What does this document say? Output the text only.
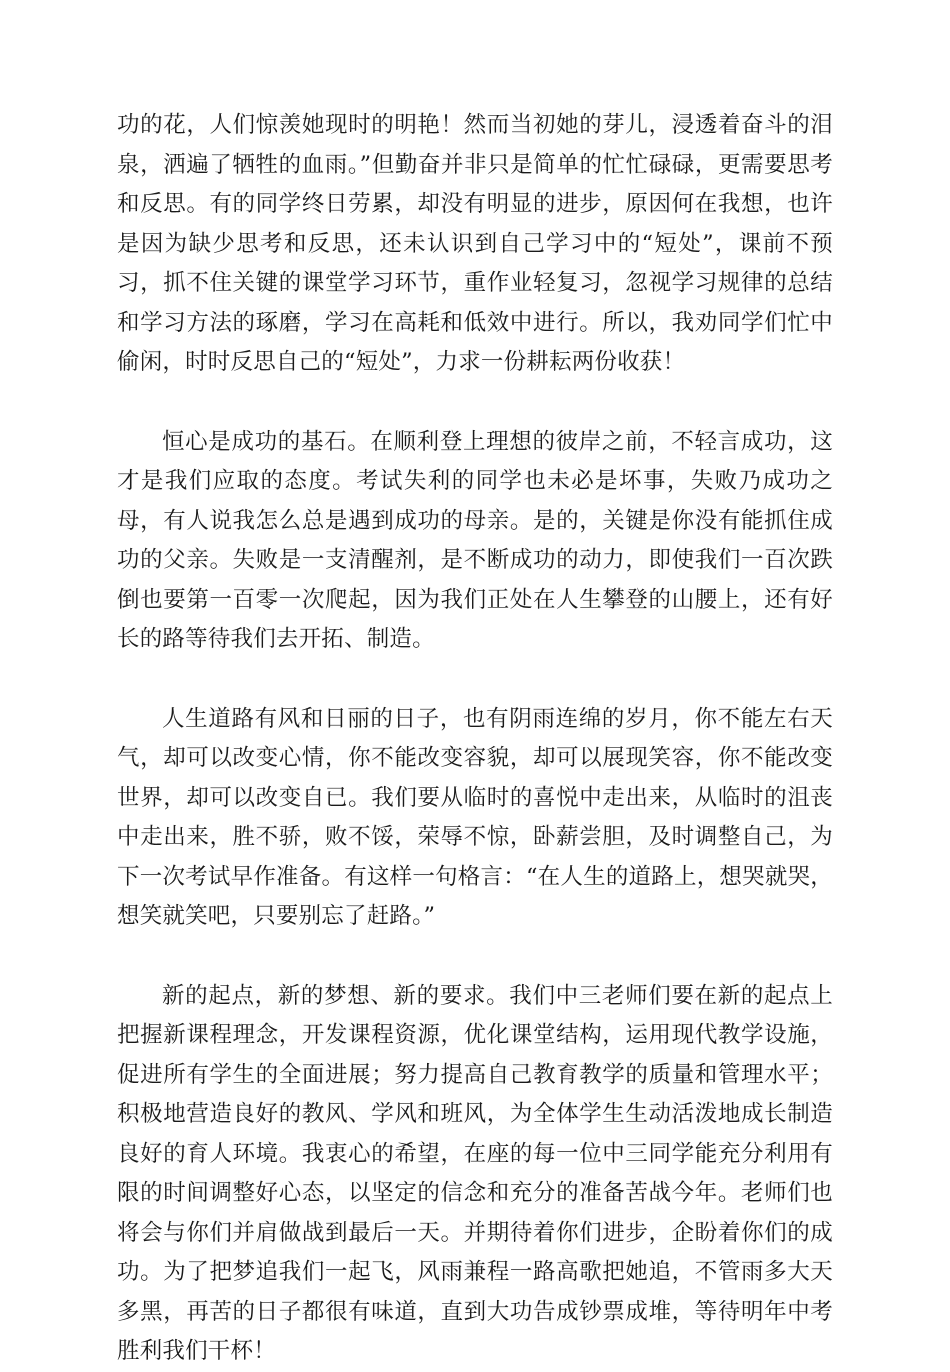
功的花，人们惊羡她现时的明艳！然而当初她的芽儿，浸透着奋斗的泪泉，洒遍了牺牲的血雨。”但勤奋并非只是简单的忙忙碌碌，更需要思考和反思。有的同学终日劳累，却没有明显的进步，原因何在我想，也许是因为缺少思考和反思，还未认识到自己学习中的“短处”，课前不预习，抓不住关键的课堂学习环节，重作业轻复习，忽视学习规律的总结和学习方法的琢磨，学习在高耗和低效中进行。所以，我劝同学们忙中偷闲，时时反思自己的“短处”，力求一份耕耘两份收获！

恒心是成功的基石。在顺利登上理想的彼岸之前，不轻言成功，这才是我们应取的态度。考试失利的同学也未必是坏事，失败乃成功之母，有人说我怎么总是遇到成功的母亲。是的，关键是你没有能抓住成功的父亲。失败是一支清醒剂，是不断成功的动力，即使我们一百次跌倒也要第一百零一次爬起，因为我们正处在人生攀登的山腰上，还有好长的路等待我们去开拓、制造。

人生道路有风和日丽的日子，也有阴雨连绵的岁月，你不能左右天气，却可以改变心情，你不能改变容貌，却可以展现笑容，你不能改变世界，却可以改变自已。我们要从临时的喜悦中走出来，从临时的沮丧中走出来，胜不骄，败不馁，荣辱不惊，卧薪尝胆，及时调整自己，为下一次考试早作准备。有这样一句格言：“在人生的道路上，想哭就哭，想笑就笑吧，只要别忘了赶路。”

新的起点，新的梦想、新的要求。我们中三老师们要在新的起点上把握新课程理念，开发课程资源，优化课堂结构，运用现代教学设施，促进所有学生的全面进展；努力提高自己教育教学的质量和管理水平；积极地营造良好的教风、学风和班风，为全体学生生动活泼地成长制造良好的育人环境。我衷心的希望，在座的每一位中三同学能充分利用有限的时间调整好心态，以坚定的信念和充分的准备苦战今年。老师们也将会与你们并肩做战到最后一天。并期待着你们进步，企盼着你们的成功。为了把梦追我们一起飞，风雨兼程一路高歌把她追，不管雨多大天多黑，再苦的日子都很有味道，直到大功告成钞票成堆，等待明年中考胜利我们干杯！
